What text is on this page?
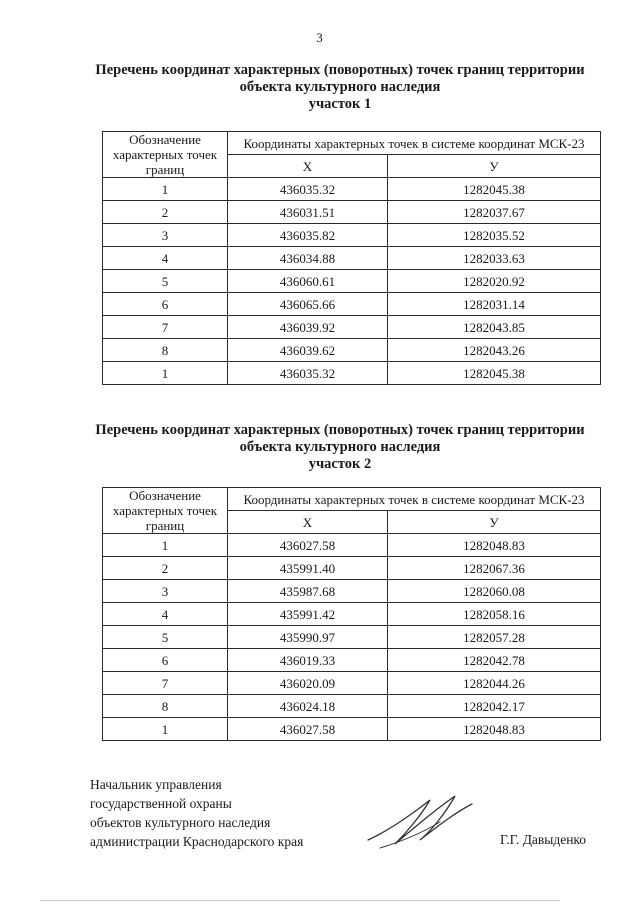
3
Перечень координат характерных (поворотных) точек границ территории
объекта культурного наследия
участок 1
Обозначение характерных точек границ	Координаты характерных точек в системе координат МСК-23	
	Х	У
1	436035.32	1282045.38
2	436031.51	1282037.67
3	436035.82	1282035.52
4	436034.88	1282033.63
5	436060.61	1282020.92
6	436065.66	1282031.14
7	436039.92	1282043.85
8	436039.62	1282043.26
1	436035.32	1282045.38
Перечень координат характерных (поворотных) точек границ территории
объекта культурного наследия
участок 2
Обозначение характерных точек границ	Координаты характерных точек в системе координат МСК-23	
	Х	У
1	436027.58	1282048.83
2	435991.40	1282067.36
3	435987.68	1282060.08
4	435991.42	1282058.16
5	435990.97	1282057.28
6	436019.33	1282042.78
7	436020.09	1282044.26
8	436024.18	1282042.17
1	436027.58	1282048.83
Начальник управления
государственной охраны
объектов культурного наследия
администрации Краснодарского края	Г.Г. Давыденко
